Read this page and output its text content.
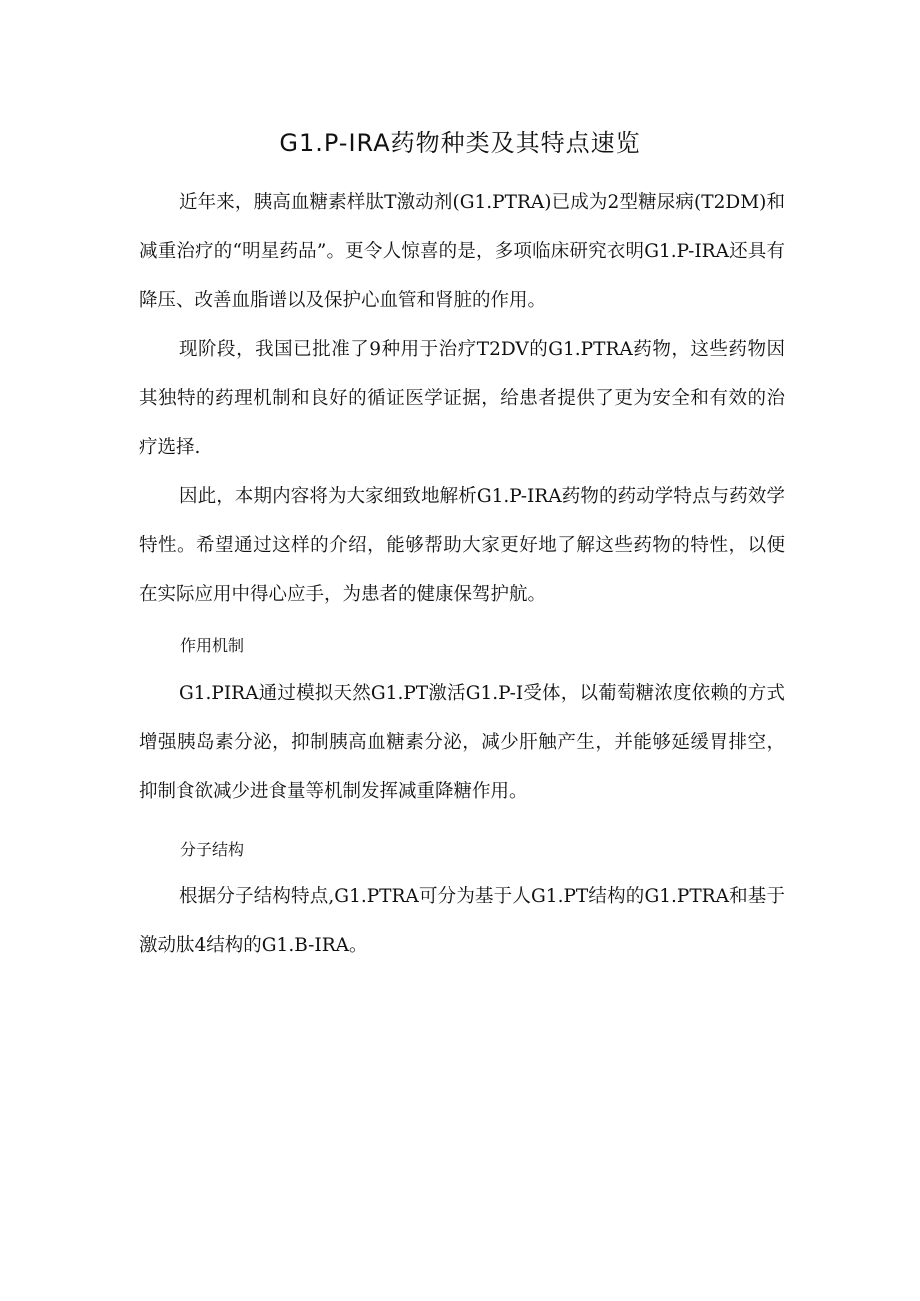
G1.P-IRA药物种类及其特点速览

近年来，胰高血糖素样肽T激动剂(G1.PTRA)已成为2型糖尿病(T2DM)和减重治疗的“明星药品”。更令人惊喜的是，多项临床研究衣明G1.P-IRA还具有降压、改善血脂谱以及保护心血管和肾脏的作用。

现阶段，我国已批准了9种用于治疗T2DV的G1.PTRA药物，这些药物因其独特的药理机制和良好的循证医学证据，给患者提供了更为安全和有效的治疗选择.

因此，本期内容将为大家细致地解析G1.P-IRA药物的药动学特点与药效学特性。希望通过这样的介绍，能够帮助大家更好地了解这些药物的特性，以便在实际应用中得心应手，为患者的健康保驾护航。

作用机制

G1.PIRA通过模拟天然G1.PT激活G1.P-I受体，以葡萄糖浓度依赖的方式增强胰岛素分泌，抑制胰高血糖素分泌，减少肝触产生，并能够延缓胃排空，抑制食欲减少进食量等机制发挥减重降糖作用。

分子结构

根据分子结构特点,G1.PTRA可分为基于人G1.PT结构的G1.PTRA和基于激动肽4结构的G1.B-IRA。
